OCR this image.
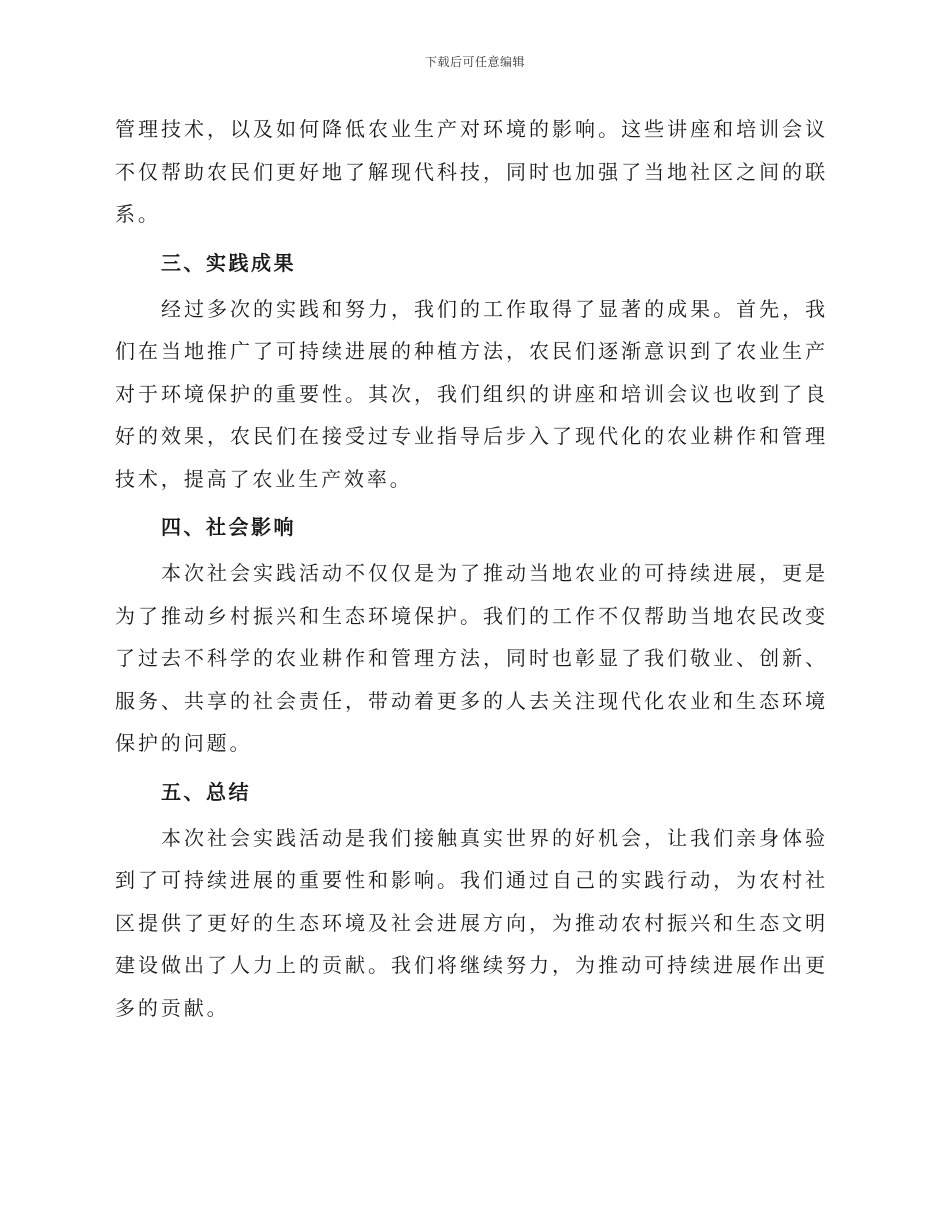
下载后可任意编辑

管理技术，以及如何降低农业生产对环境的影响。这些讲座和培训会议不仅帮助农民们更好地了解现代科技，同时也加强了当地社区之间的联系。

三、实践成果

经过多次的实践和努力，我们的工作取得了显著的成果。首先，我们在当地推广了可持续进展的种植方法，农民们逐渐意识到了农业生产对于环境保护的重要性。其次，我们组织的讲座和培训会议也收到了良好的效果，农民们在接受过专业指导后步入了现代化的农业耕作和管理技术，提高了农业生产效率。

四、社会影响

本次社会实践活动不仅仅是为了推动当地农业的可持续进展，更是为了推动乡村振兴和生态环境保护。我们的工作不仅帮助当地农民改变了过去不科学的农业耕作和管理方法，同时也彰显了我们敬业、创新、服务、共享的社会责任，带动着更多的人去关注现代化农业和生态环境保护的问题。

五、总结

本次社会实践活动是我们接触真实世界的好机会，让我们亲身体验到了可持续进展的重要性和影响。我们通过自己的实践行动，为农村社区提供了更好的生态环境及社会进展方向，为推动农村振兴和生态文明建设做出了人力上的贡献。我们将继续努力，为推动可持续进展作出更多的贡献。
